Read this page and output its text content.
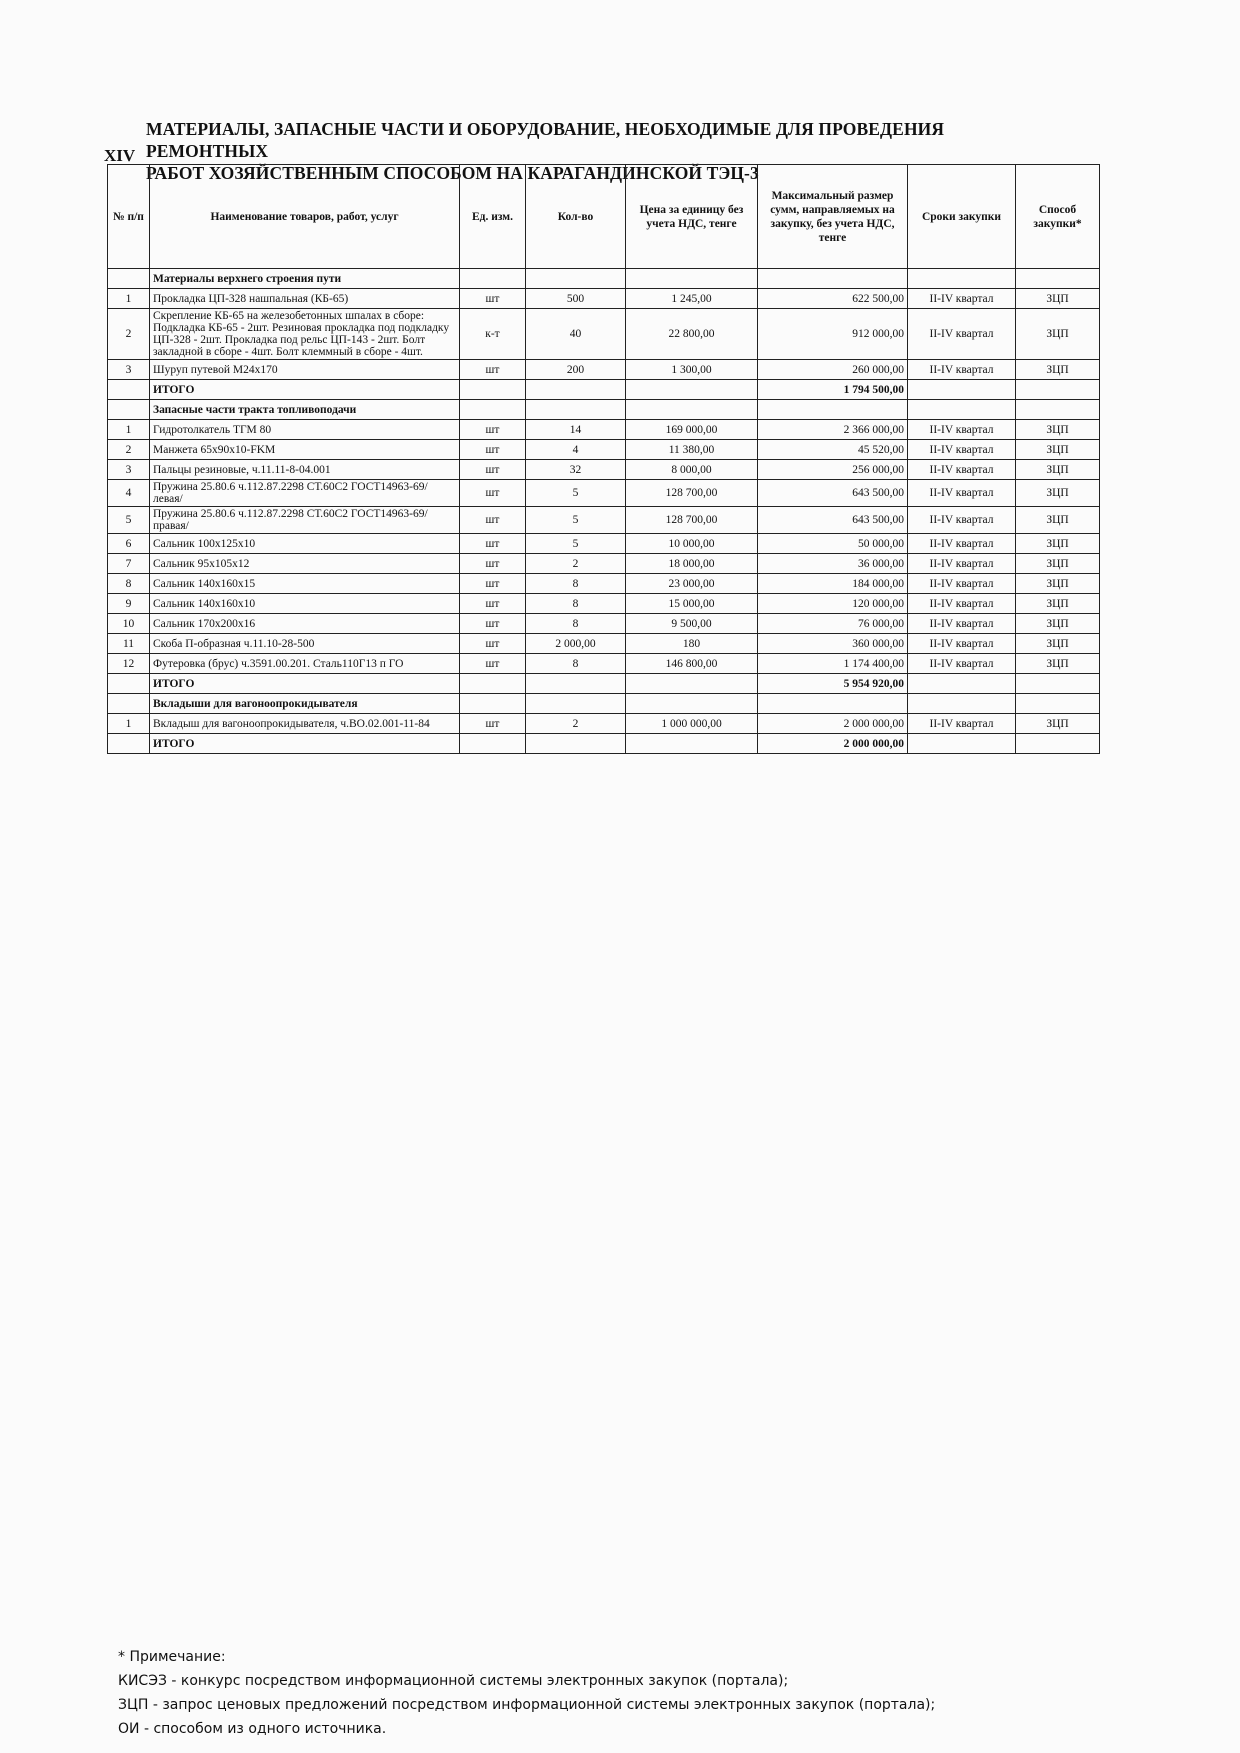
XIV
МАТЕРИАЛЫ, ЗАПАСНЫЕ ЧАСТИ И ОБОРУДОВАНИЕ, НЕОБХОДИМЫЕ ДЛЯ ПРОВЕДЕНИЯ РЕМОНТНЫХ
РАБОТ ХОЗЯЙСТВЕННЫМ СПОСОБОМ НА КАРАГАНДИНСКОЙ ТЭЦ-3
№ п/п	Наименование товаров, работ, услуг	Ед. изм.	Кол-во	Цена за единицу без учета НДС, тенге	Максимальный размер сумм, направляемых на закупку, без учета НДС, тенге	Сроки закупки	Способ закупки*
	Материалы верхнего строения пути						
1	Прокладка ЦП-328 нашпальная (КБ-65)	шт	500	1 245,00	622 500,00	II-IV квартал	ЗЦП
2	Скрепление КБ-65 на железобетонных шпалах в сборе: Подкладка КБ-65 - 2шт. Резиновая прокладка под подкладку ЦП-328 - 2шт. Прокладка под рельс ЦП-143 - 2шт. Болт закладной в сборе - 4шт. Болт клеммный в сборе - 4шт.	к-т	40	22 800,00	912 000,00	II-IV квартал	ЗЦП
3	Шуруп путевой М24х170	шт	200	1 300,00	260 000,00	II-IV квартал	ЗЦП
	ИТОГО				1 794 500,00		
	Запасные части тракта топливоподачи						
1	Гидротолкатель ТГМ 80	шт	14	169 000,00	2 366 000,00	II-IV квартал	ЗЦП
2	Манжета 65х90х10-FKM	шт	4	11 380,00	45 520,00	II-IV квартал	ЗЦП
3	Пальцы резиновые, ч.11.11-8-04.001	шт	32	8 000,00	256 000,00	II-IV квартал	ЗЦП
4	Пружина 25.80.6 ч.112.87.2298 СТ.60С2 ГОСТ14963-69/левая/	шт	5	128 700,00	643 500,00	II-IV квартал	ЗЦП
5	Пружина 25.80.6 ч.112.87.2298 СТ.60С2 ГОСТ14963-69/правая/	шт	5	128 700,00	643 500,00	II-IV квартал	ЗЦП
6	Сальник 100х125х10	шт	5	10 000,00	50 000,00	II-IV квартал	ЗЦП
7	Сальник 95х105х12	шт	2	18 000,00	36 000,00	II-IV квартал	ЗЦП
8	Сальник 140х160х15	шт	8	23 000,00	184 000,00	II-IV квартал	ЗЦП
9	Сальник 140х160х10	шт	8	15 000,00	120 000,00	II-IV квартал	ЗЦП
10	Сальник 170х200х16	шт	8	9 500,00	76 000,00	II-IV квартал	ЗЦП
11	Скоба П-образная ч.11.10-28-500	шт	2 000,00	180	360 000,00	II-IV квартал	ЗЦП
12	Футеровка (брус) ч.3591.00.201. Сталь110Г13 п ГО	шт	8	146 800,00	1 174 400,00	II-IV квартал	ЗЦП
	ИТОГО				5 954 920,00		
	Вкладыши для вагоноопрокидывателя						
1	Вкладыш для вагоноопрокидывателя, ч.ВО.02.001-11-84	шт	2	1 000 000,00	2 000 000,00	II-IV квартал	ЗЦП
	ИТОГО				2 000 000,00		
* Примечание:
КИСЭЗ - конкурс посредством информационной системы электронных закупок (портала);
ЗЦП - запрос ценовых предложений посредством информационной системы электронных закупок (портала);
ОИ - способом из одного источника.
